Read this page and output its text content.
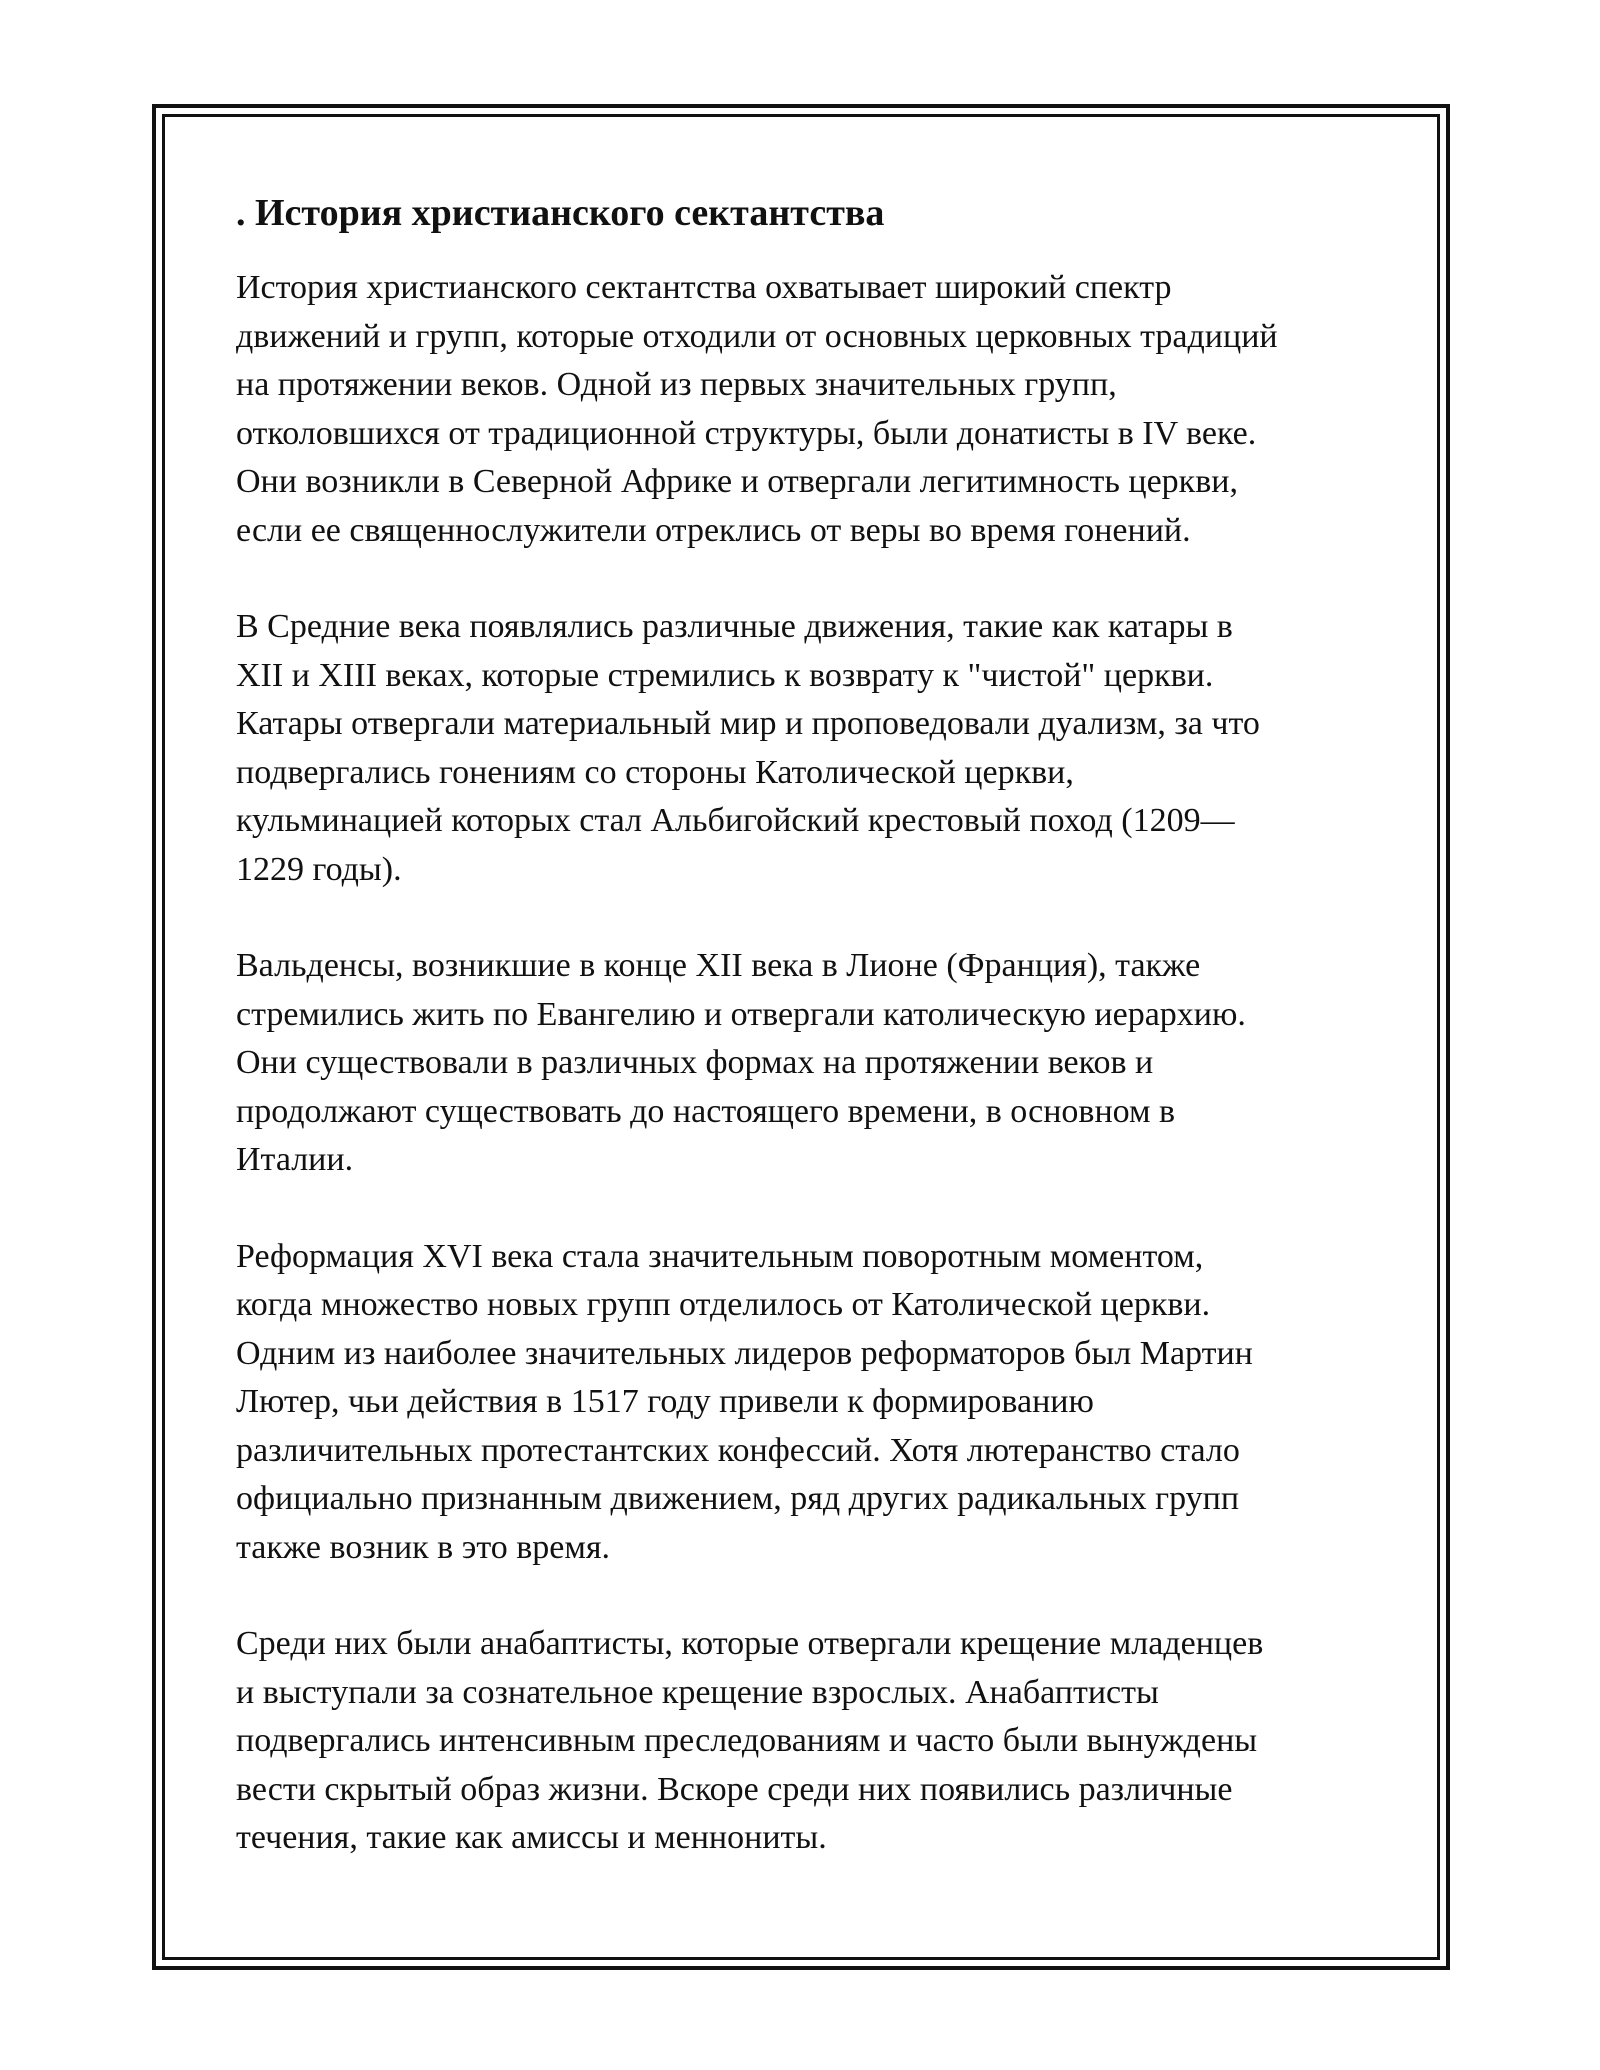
. История христианского сектантства
История христианского сектантства охватывает широкий спектр
движений и групп, которые отходили от основных церковных традиций
на протяжении веков. Одной из первых значительных групп,
отколовшихся от традиционной структуры, были донатисты в IV веке.
Они возникли в Северной Африке и отвергали легитимность церкви,
если ее священнослужители отреклись от веры во время гонений.
В Средние века появлялись различные движения, такие как катары в
XII и XIII веках, которые стремились к возврату к "чистой" церкви.
Катары отвергали материальный мир и проповедовали дуализм, за что
подвергались гонениям со стороны Католической церкви,
кульминацией которых стал Альбигойский крестовый поход (1209—
1229 годы).
Вальденсы, возникшие в конце XII века в Лионе (Франция), также
стремились жить по Евангелию и отвергали католическую иерархию.
Они существовали в различных формах на протяжении веков и
продолжают существовать до настоящего времени, в основном в
Италии.
Реформация XVI века стала значительным поворотным моментом,
когда множество новых групп отделилось от Католической церкви.
Одним из наиболее значительных лидеров реформаторов был Мартин
Лютер, чьи действия в 1517 году привели к формированию
различительных протестантских конфессий. Хотя лютеранство стало
официально признанным движением, ряд других радикальных групп
также возник в это время.
Среди них были анабаптисты, которые отвергали крещение младенцев
и выступали за сознательное крещение взрослых. Анабаптисты
подвергались интенсивным преследованиям и часто были вынуждены
вести скрытый образ жизни. Вскоре среди них появились различные
течения, такие как амиссы и меннониты.
